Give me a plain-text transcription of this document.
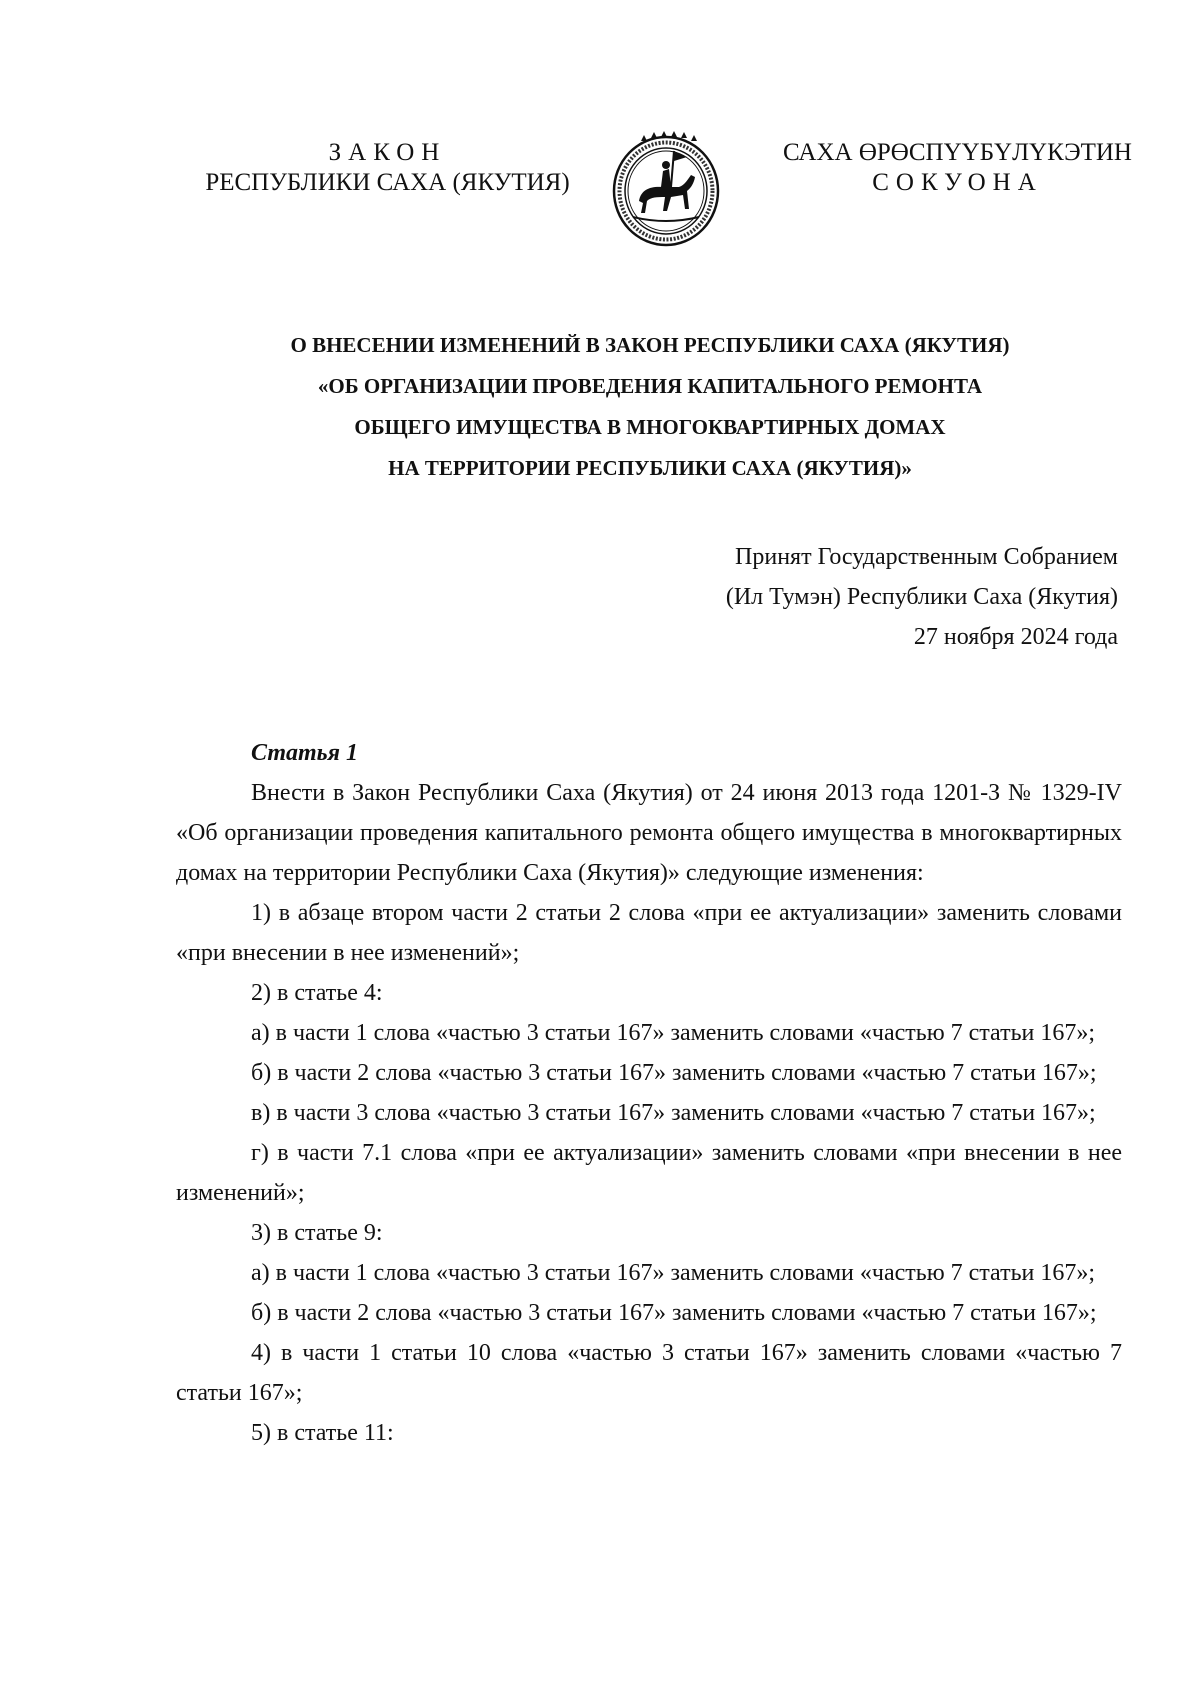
ЗАКОН
РЕСПУБЛИКИ САХА (ЯКУТИЯ)
САХА ӨРӨСПҮҮБҮЛҮКЭТИН
СОКУОНА
О ВНЕСЕНИИ ИЗМЕНЕНИЙ В ЗАКОН РЕСПУБЛИКИ САХА (ЯКУТИЯ)
«ОБ ОРГАНИЗАЦИИ ПРОВЕДЕНИЯ КАПИТАЛЬНОГО РЕМОНТА
ОБЩЕГО ИМУЩЕСТВА В МНОГОКВАРТИРНЫХ ДОМАХ
НА ТЕРРИТОРИИ РЕСПУБЛИКИ САХА (ЯКУТИЯ)»
Принят Государственным Собранием
(Ил Тумэн) Республики Саха (Якутия)
27 ноября 2024 года

Статья 1

Внести в Закон Республики Саха (Якутия) от 24 июня 2013 года 1201-З № 1329-IV «Об организации проведения капитального ремонта общего имущества в многоквартирных домах на территории Республики Саха (Якутия)» следующие изменения:

1) в абзаце втором части 2 статьи 2 слова «при ее актуализации» заменить словами «при внесении в нее изменений»;

2) в статье 4:

а) в части 1 слова «частью 3 статьи 167» заменить словами «частью 7 статьи 167»;

б) в части 2 слова «частью 3 статьи 167» заменить словами «частью 7 статьи 167»;

в) в части 3 слова «частью 3 статьи 167» заменить словами «частью 7 статьи 167»;

г) в части 7.1 слова «при ее актуализации» заменить словами «при внесении в нее изменений»;

3) в статье 9:

а) в части 1 слова «частью 3 статьи 167» заменить словами «частью 7 статьи 167»;

б) в части 2 слова «частью 3 статьи 167» заменить словами «частью 7 статьи 167»;

4) в части 1 статьи 10 слова «частью 3 статьи 167» заменить словами «частью 7 статьи 167»;

5) в статье 11:
